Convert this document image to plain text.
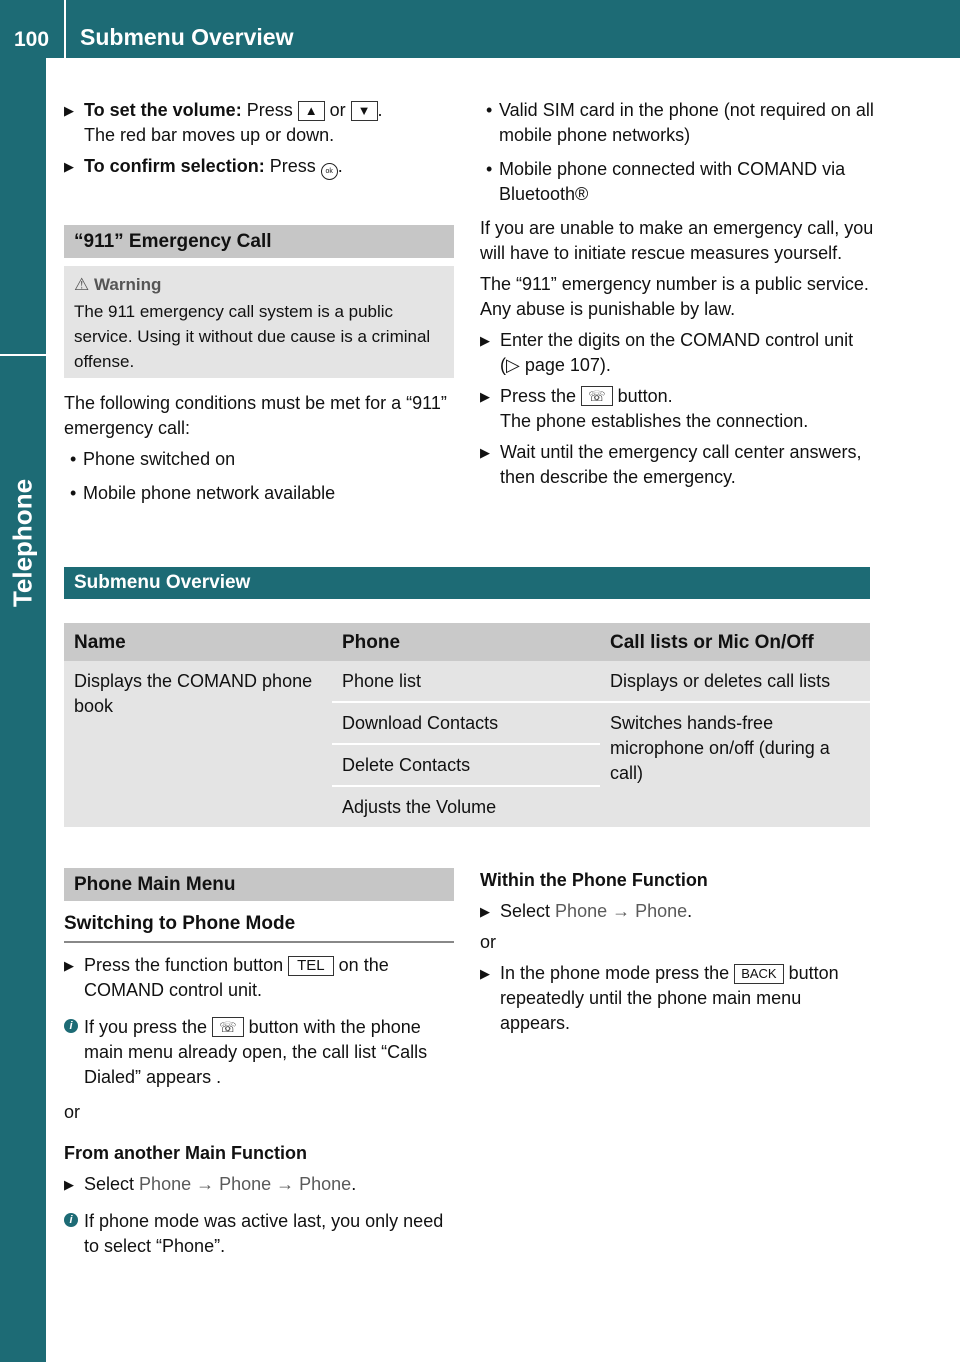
100 Submenu Overview
Telephone
▶ To set the volume: Press ▲ or ▼ .
The red bar moves up or down.
▶ To confirm selection: Press ok .
“911” Emergency Call
⚠ Warning
The 911 emergency call system is a public service. Using it without due cause is a criminal offense.
The following conditions must be met for a “911” emergency call:
• Phone switched on
• Mobile phone network available
• Valid SIM card in the phone (not required on all mobile phone networks)
• Mobile phone connected with COMAND via Bluetooth®
If you are unable to make an emergency call, you will have to initiate rescue measures yourself.
The “911” emergency number is a public service. Any abuse is punishable by law.
▶ Enter the digits on the COMAND control unit (▷ page 107).
▶ Press the ☏ button.
The phone establishes the connection.
▶ Wait until the emergency call center answers, then describe the emergency.
Submenu Overview
Name	Phone	Call lists or Mic On/Off
Displays the COMAND phone book	Phone list	Displays or deletes call lists
	Download Contacts	Switches hands-free microphone on/off (during a call)
	Delete Contacts	
	Adjusts the Volume	
Phone Main Menu
Switching to Phone Mode
▶ Press the function button TEL on the COMAND control unit.
i If you press the ☏ button with the phone main menu already open, the call list “Calls Dialed” appears .
or
From another Main Function
▶ Select Phone → Phone → Phone.
i If phone mode was active last, you only need to select “Phone”.
Within the Phone Function
▶ Select Phone → Phone.
or
▶ In the phone mode press the BACK button repeatedly until the phone main menu appears.
